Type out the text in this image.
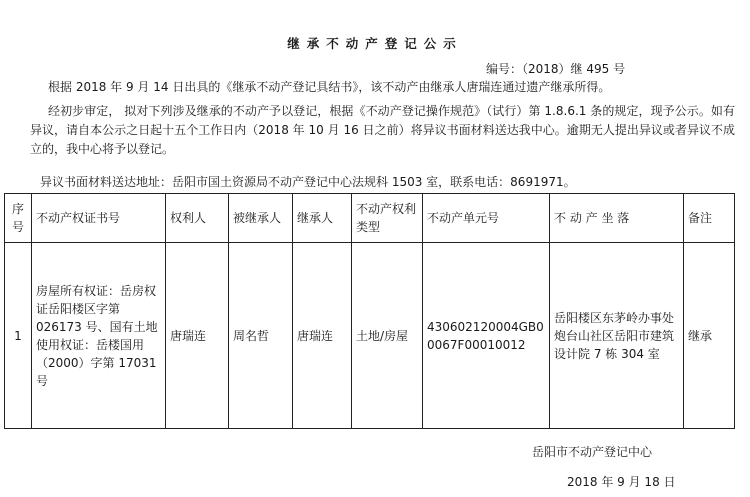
继承不动产登记公示
编号：（2018）继 495 号

根据 2018 年 9 月 14 日出具的《继承不动产登记具结书》，该不动产由继承人唐瑞连通过遗产继承所得。

经初步审定， 拟对下列涉及继承的不动产予以登记，根据《不动产登记操作规范》（试行）第 1.8.6.1 条的规定，现予公示。如有异议，请自本公示之日起十五个工作日内（2018 年 10 月 16 日之前）将异议书面材料送达我中心。逾期无人提出异议或者异议不成立的，我中心将予以登记。

异议书面材料送达地址：岳阳市国土资源局不动产登记中心法规科 1503 室，联系电话：8691971。

序号	不动产权证书号	权利人	被继承人	继承人	不动产权利类型	不动产单元号	不 动 产 坐 落	备注
1	房屋所有权证：岳房权证岳阳楼区字第 026173 号、国有土地使用权证：岳楼国用（2000）字第 17031 号	唐瑞连	周名哲	唐瑞连	土地/房屋	430602120004GB00067F00010012	岳阳楼区东茅岭办事处炮台山社区岳阳市建筑设计院 7 栋 304 室	继承
岳阳市不动产登记中心
2018 年 9 月 18 日
